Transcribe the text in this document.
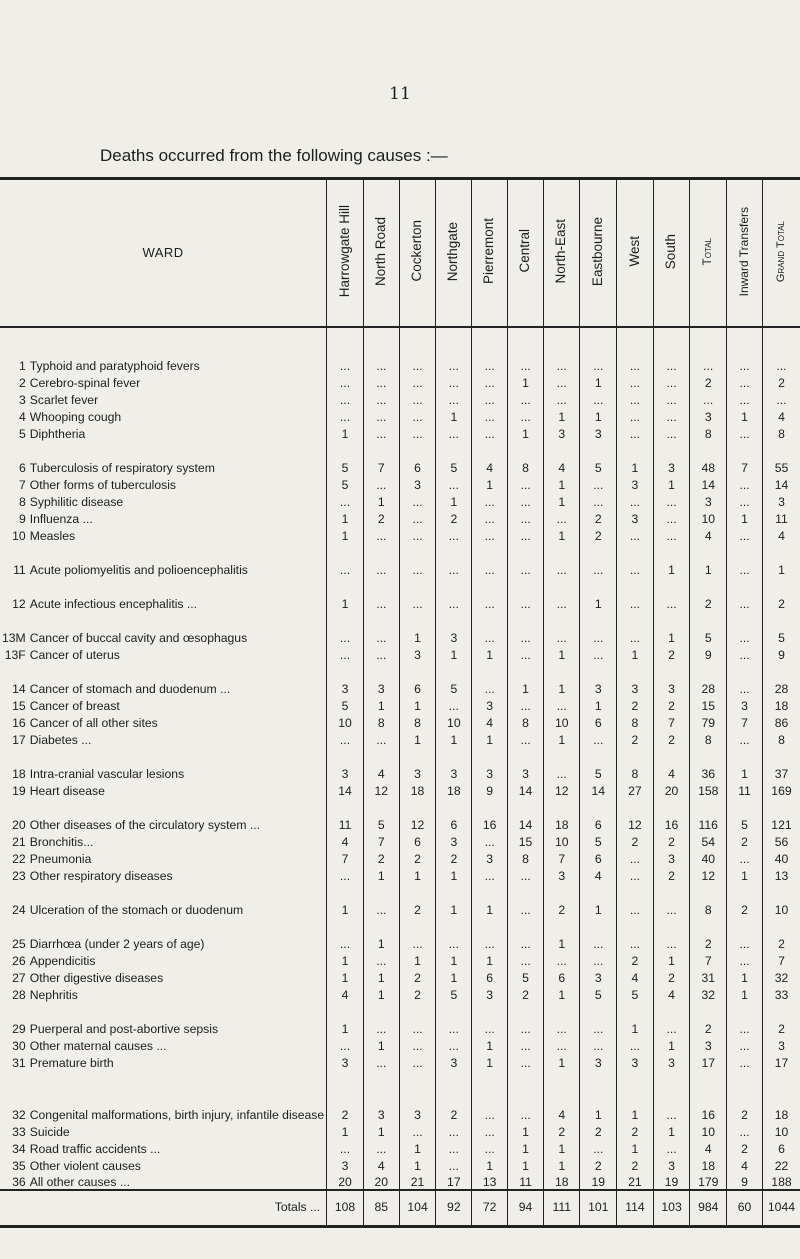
11
Deaths occurred from the following causes :—
WARD		Harrowgate Hill	North Road	Cockerton	Northgate	Pierremont	Central	North-East	Eastbourne	West	South	Total	Inward Transfers	Grand Total
1	Typhoid and paratyphoid fevers	...	...	...	...	...	...	...	...	...	...	...	...	...
2	Cerebro-spinal fever	...	...	...	...	...	1	...	1	...	...	2	...	2
3	Scarlet fever	...	...	...	...	...	...	...	...	...	...	...	...	...
4	Whooping cough	...	...	...	1	...	...	1	1	...	...	3	1	4
5	Diphtheria	1	...	...	...	...	1	3	3	...	...	8	...	8
6	Tuberculosis of respiratory system	5	7	6	5	4	8	4	5	1	3	48	7	55
7	Other forms of tuberculosis	5	...	3	...	1	...	1	...	3	1	14	...	14
8	Syphilitic disease	...	1	...	1	...	...	1	...	...	...	3	...	3
9	Influenza ...	1	2	...	2	...	...	...	2	3	...	10	1	11
10	Measles	1	...	...	...	...	...	1	2	...	...	4	...	4
11	Acute poliomyelitis and polioencephalitis	...	...	...	...	...	...	...	...	...	1	1	...	1
12	Acute infectious encephalitis ...	1	...	...	...	...	...	...	1	...	...	2	...	2
13M	Cancer of buccal cavity and œsophagus	...	...	1	3	...	...	...	...	...	1	5	...	5
13F	Cancer of uterus	...	...	3	1	1	...	1	...	1	2	9	...	9
14	Cancer of stomach and duodenum ...	3	3	6	5	...	1	1	3	3	3	28	...	28
15	Cancer of breast	5	1	1	...	3	...	...	1	2	2	15	3	18
16	Cancer of all other sites	10	8	8	10	4	8	10	6	8	7	79	7	86
17	Diabetes ...	...	...	1	1	1	...	1	...	2	2	8	...	8
18	Intra-cranial vascular lesions	3	4	3	3	3	3	...	5	8	4	36	1	37
19	Heart disease	14	12	18	18	9	14	12	14	27	20	158	11	169
20	Other diseases of the circulatory system ...	11	5	12	6	16	14	18	6	12	16	116	5	121
21	Bronchitis...	4	7	6	3	...	15	10	5	2	2	54	2	56
22	Pneumonia	7	2	2	2	3	8	7	6	...	3	40	...	40
23	Other respiratory diseases	...	1	1	1	...	...	3	4	...	2	12	1	13
24	Ulceration of the stomach or duodenum	1	...	2	1	1	...	2	1	...	...	8	2	10
25	Diarrhœa (under 2 years of age)	...	1	...	...	...	...	1	...	...	...	2	...	2
26	Appendicitis	1	...	1	1	1	...	...	...	2	1	7	...	7
27	Other digestive diseases	1	1	2	1	6	5	6	3	4	2	31	1	32
28	Nephritis	4	1	2	5	3	2	1	5	5	4	32	1	33
29	Puerperal and post-abortive sepsis	1	...	...	...	...	...	...	...	1	...	2	...	2
30	Other maternal causes ...	...	1	...	...	1	...	...	...	...	1	3	...	3
31	Premature birth	3	...	...	3	1	...	1	3	3	3	17	...	17
32	Congenital malformations, birth injury, infantile disease	2	3	3	2	...	...	4	1	1	...	16	2	18
33	Suicide	1	1	...	...	...	1	2	2	2	1	10	...	10
34	Road traffic accidents ...	...	...	1	...	...	1	1	...	1	...	4	2	6
35	Other violent causes	3	4	1	...	1	1	1	2	2	3	18	4	22
36	All other causes ...	20	20	21	17	13	11	18	19	21	19	179	9	188
Totals ...		108	85	104	92	72	94	111	101	114	103	984	60	1044
